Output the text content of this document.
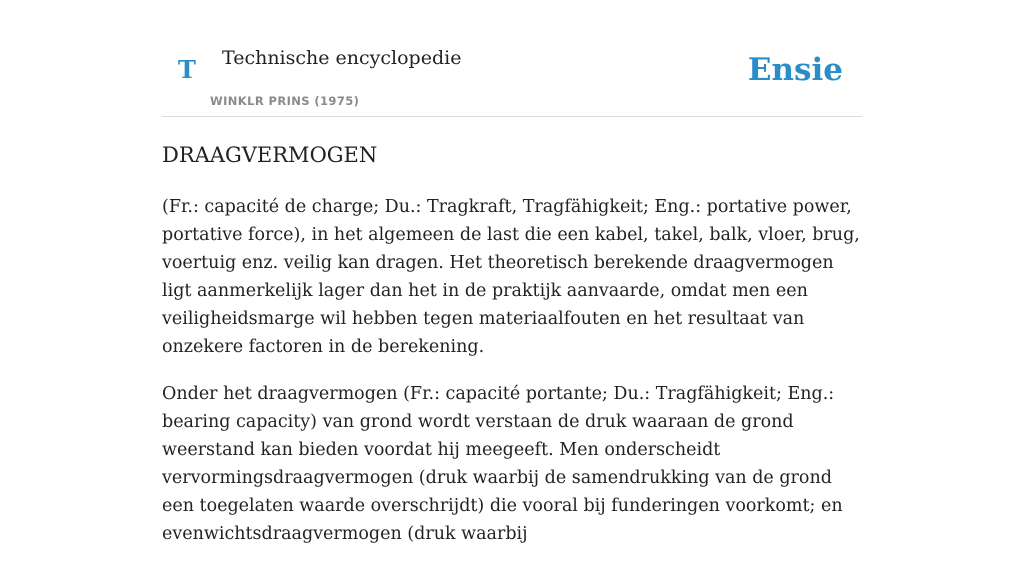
T Technische encyclopedie
WINKLR PRINS (1975)
Ensie
DRAAGVERMOGEN

(Fr.: capacité de charge; Du.: Tragkraft, Tragfähigkeit; Eng.: portative power, portative force), in het algemeen de last die een kabel, takel, balk, vloer, brug, voertuig enz. veilig kan dragen. Het theoretisch berekende draagvermogen ligt aanmerkelijk lager dan het in de praktijk aanvaarde, omdat men een veiligheidsmarge wil hebben tegen materiaalfouten en het resultaat van onzekere factoren in de berekening.

Onder het draagvermogen (Fr.: capacité portante; Du.: Tragfähigkeit; Eng.: bearing capacity) van grond wordt verstaan de druk waaraan de grond weerstand kan bieden voordat hij meegeeft. Men onderscheidt vervormingsdraagvermogen (druk waarbij de samendrukking van de grond een toegelaten waarde overschrijdt) die vooral bij funderingen voorkomt; en evenwichtsdraagvermogen (druk waarbij
